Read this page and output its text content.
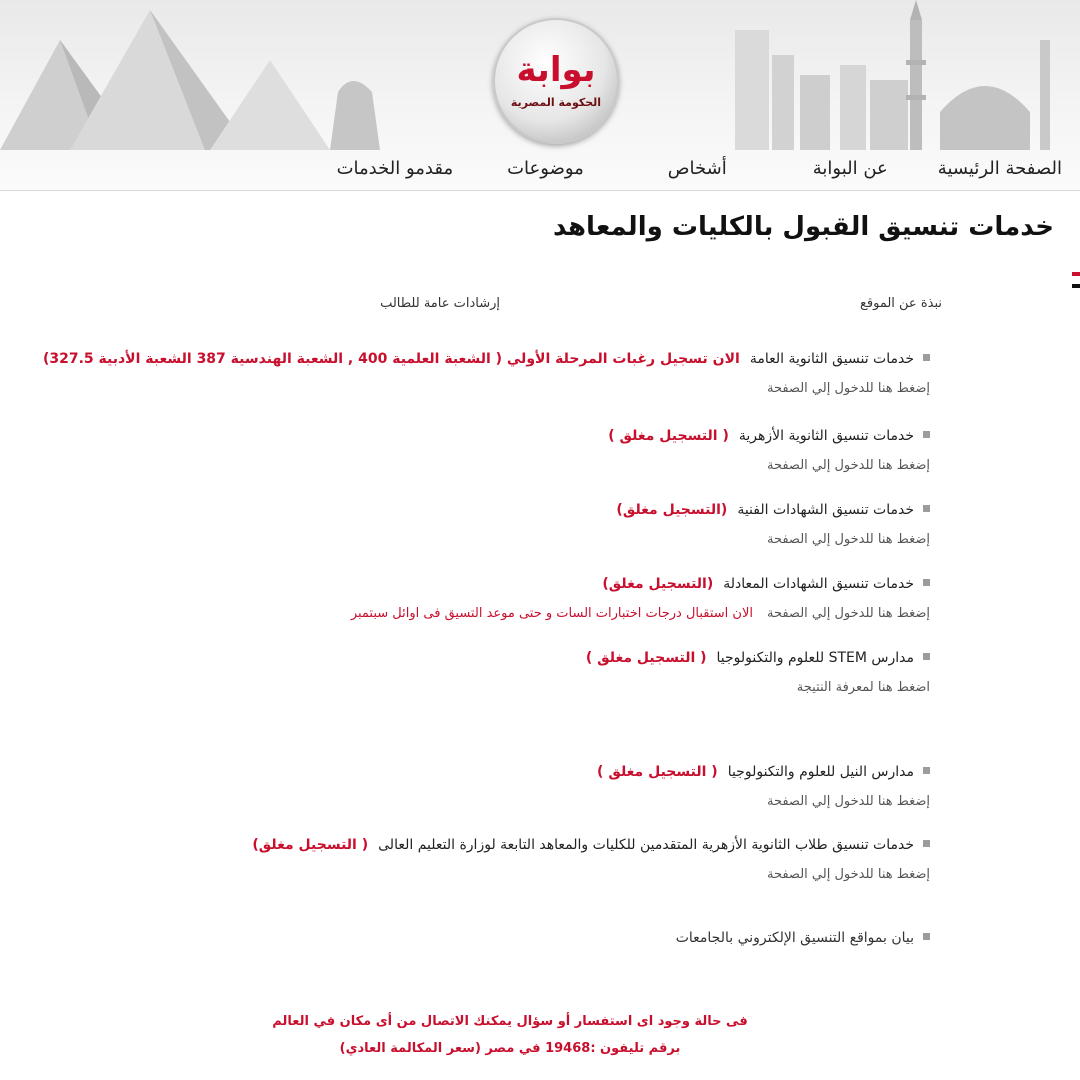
بوابة
الحكومة المصرية
الصفحة الرئيسية
عن البوابة
أشخاص
موضوعات
مقدمو الخدمات
خدمات تنسيق القبول بالكليات والمعاهد
نبذة عن الموقع
إرشادات عامة للطالب
خدمات تنسيق الثانوية العامةالان تسجيل رغبات المرحلة الأولي ( الشعبة العلمية 400 , الشعبة الهندسية 387 الشعبة الأدبية 327.5)
إضغط هنا للدخول إلي الصفحة
خدمات تنسيق الثانوية الأزهرية( التسجيل مغلق )
إضغط هنا للدخول إلي الصفحة
خدمات تنسيق الشهادات الفنية(التسجيل مغلق)
إضغط هنا للدخول إلي الصفحة
خدمات تنسيق الشهادات المعادلة(التسجيل مغلق)
إضغط هنا للدخول إلي الصفحةالان استقبال درجات اختبارات السات و حتى موعد التسيق فى اوائل سبتمبر
مدارس STEM للعلوم والتكنولوجيا( التسجيل مغلق )
اضغط هنا لمعرفة النتيجة
مدارس النيل للعلوم والتكنولوجيا( التسجيل مغلق )
إضغط هنا للدخول إلي الصفحة
خدمات تنسيق طلاب الثانوية الأزهرية المتقدمين للكليات والمعاهد التابعة لوزارة التعليم العالى( التسجيل مغلق)
إضغط هنا للدخول إلي الصفحة
بيان بمواقع التنسيق الإلكتروني بالجامعات
فى حالة وجود اى استفسار أو سؤال يمكنك الاتصال من أى مكان في العالم
برقم تليفون :19468 في مصر (سعر المكالمة العادي)
